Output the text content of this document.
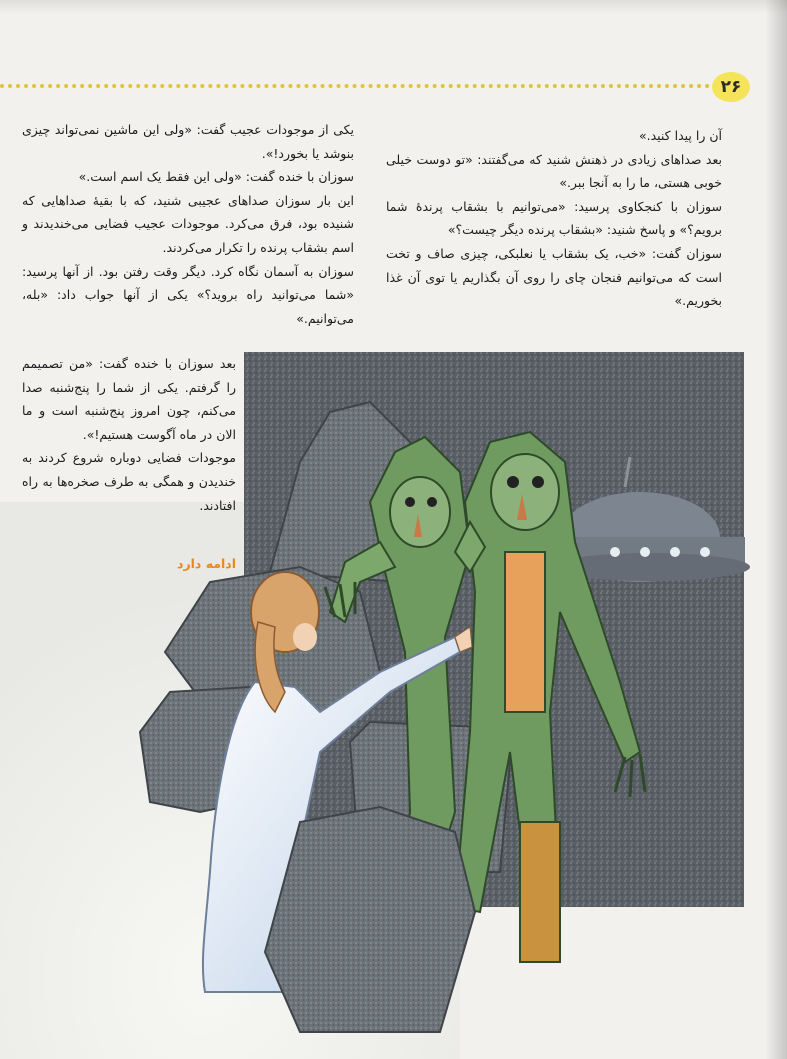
۲۶

آن را پیدا کنید.»

بعد صداهای زیادی در ذهنش شنید که می‌گفتند: «تو دوست خیلی خوبی هستی، ما را به آنجا ببر.»

سوزان با کنجکاوی پرسید: «می‌توانیم با بشقاب پرندهٔ شما برویم؟» و پاسخ شنید: «بشقاب پرنده دیگر چیست؟»

سوزان گفت: «خب، یک بشقاب یا نعلبکی، چیزی صاف و تخت است که می‌توانیم فنجان چای را روی آن بگذاریم یا توی آن غذا بخوریم.»

یکی از موجودات عجیب گفت: «ولی این ماشین نمی‌تواند چیزی بنوشد یا بخورد!».

سوزان با خنده گفت: «ولی این فقط یک اسم است.»

این بار سوزان صداهای عجیبی شنید، که با بقیهٔ صداهایی که شنیده بود، فرق می‌کرد. موجودات عجیب فضایی می‌خندیدند و اسم بشقاب پرنده را تکرار می‌کردند.

سوزان به آسمان نگاه کرد. دیگر وقت رفتن بود. از آنها پرسید: «شما می‌توانید راه بروید؟» یکی از آنها جواب داد: «بله، می‌توانیم.»

بعد سوزان با خنده گفت: «من تصمیمم را گرفتم. یکی از شما را پنج‌شنبه صدا می‌کنم، چون امروز پنج‌شنبه است و ما الان در ماه آگوست هستیم!».

موجودات فضایی دوباره شروع کردند به خندیدن و همگی به طرف صخره‌ها به راه افتادند.

ادامه دارد
